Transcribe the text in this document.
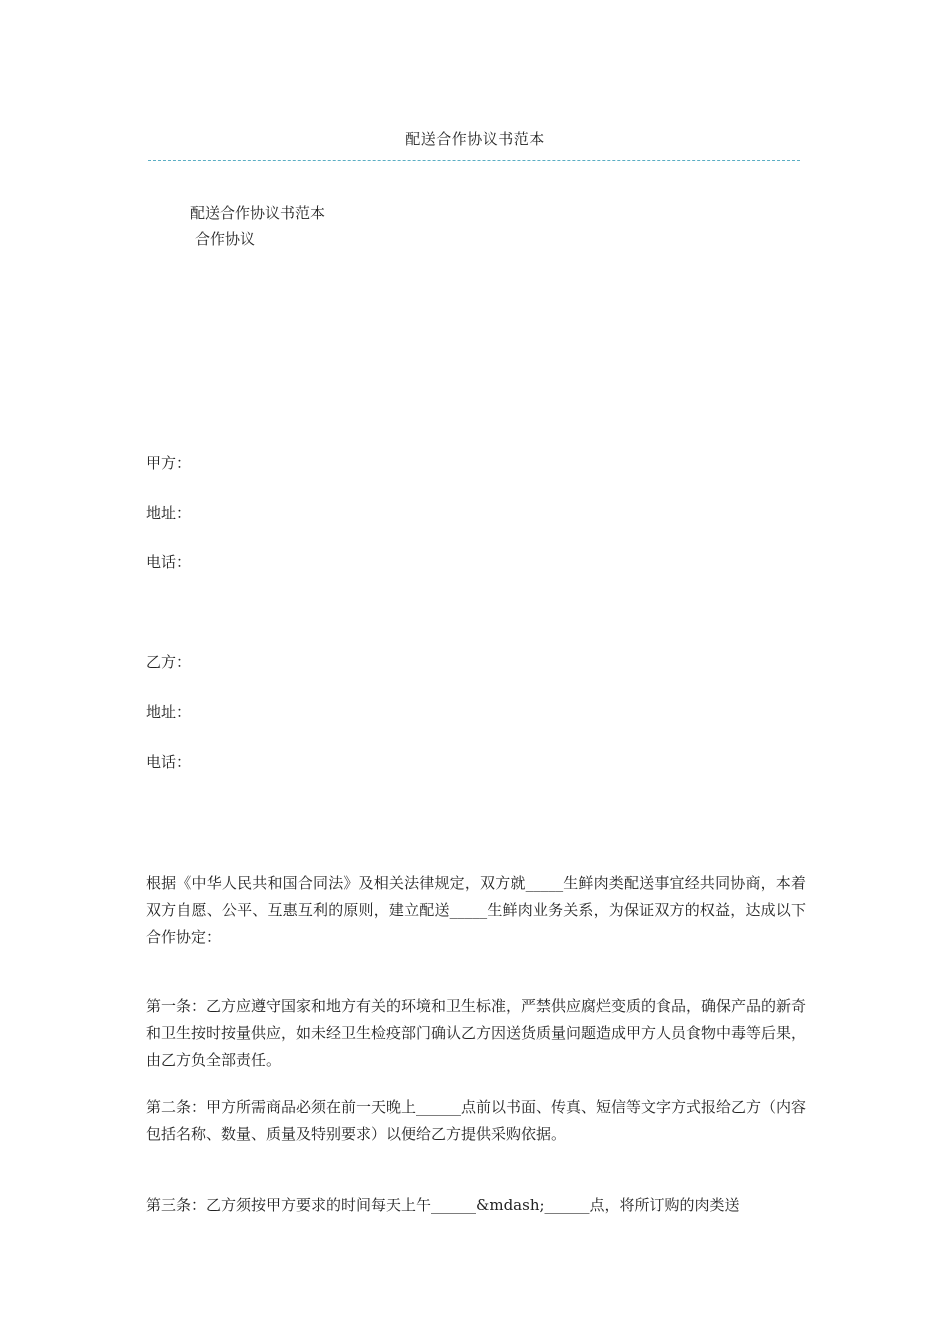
配送合作协议书范本
配送合作协议书范本
合作协议
甲方：
地址：
电话：
乙方：
地址：
电话：
根据《中华人民共和国合同法》及相关法律规定，双方就_____生鲜肉类配送事宜经共同协商，本着双方自愿、公平、互惠互利的原则，建立配送_____生鲜肉业务关系，为保证双方的权益，达成以下合作协定：
第一条：乙方应遵守国家和地方有关的环境和卫生标准，严禁供应腐烂变质的食品，确保产品的新奇和卫生按时按量供应，如未经卫生检疫部门确认乙方因送货质量问题造成甲方人员食物中毒等后果，由乙方负全部责任。
第二条：甲方所需商品必须在前一天晚上______点前以书面、传真、短信等文字方式报给乙方（内容包括名称、数量、质量及特别要求）以便给乙方提供采购依据。
第三条：乙方须按甲方要求的时间每天上午______&mdash;______点，将所订购的肉类送
